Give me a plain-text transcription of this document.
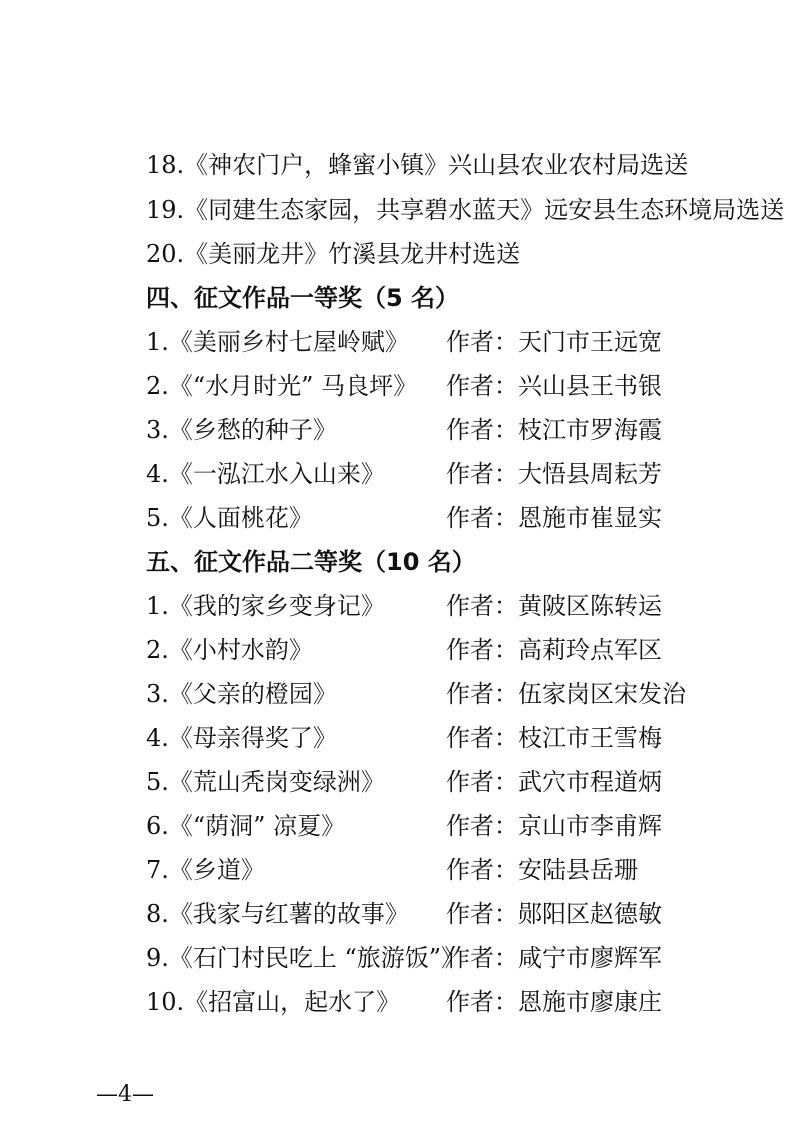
18.《神农门户，蜂蜜小镇》兴山县农业农村局选送
19.《同建生态家园，共享碧水蓝天》远安县生态环境局选送
20.《美丽龙井》竹溪县龙井村选送
四、征文作品一等奖（5 名）
1.《美丽乡村七屋岭赋》 作者：天门市王远宽
2.《“水月时光” 马良坪》 作者：兴山县王书银
3.《乡愁的种子》	作者：枝江市罗海霞
4.《一泓江水入山来》	作者：大悟县周耘芳
5.《人面桃花》	作者：恩施市崔显实
五、征文作品二等奖（10 名）
1.《我的家乡变身记》	作者：黄陂区陈转运
2.《小村水韵》	作者：高莉玲点军区
3.《父亲的橙园》	作者：伍家岗区宋发治
4.《母亲得奖了》	作者：枝江市王雪梅
5.《荒山秃岗变绿洲》	作者：武穴市程道炳
6.《“荫洞” 凉夏》	作者：京山市李甫辉
7.《乡道》	作者：安陆县岳珊
8.《我家与红薯的故事》 作者：郧阳区赵德敏
9.《石门村民吃上 “旅游饭”》作者：咸宁市廖辉军
10.《招富山，起水了》 作者：恩施市廖康庄
—4—
